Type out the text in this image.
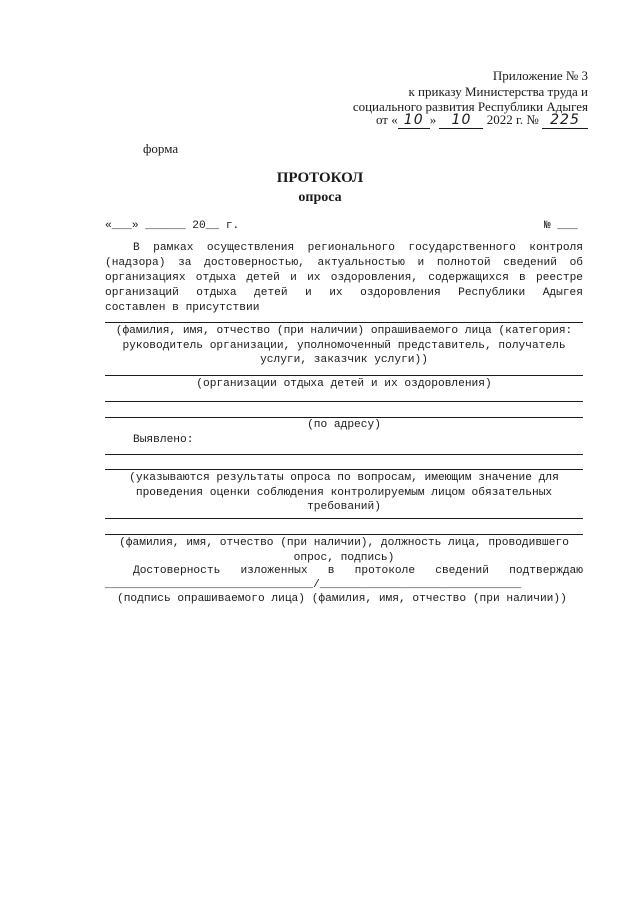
Приложение № 3
к приказу Министерства труда и
социального развития Республики Адыгея
от « 10 » 10 2022 г. № 225
форма
ПРОТОКОЛ
опроса
«___» ______ 20__ г.	№ ___

В рамках осуществления регионального государственного контроля

(надзора) за достоверностью, актуальностью и полнотой сведений об

организациях отдыха детей и их оздоровления, содержащихся в реестре

организаций отдыха детей и их оздоровления Республики Адыгея

составлен в присутствии

(фамилия, имя, отчество (при наличии) опрашиваемого лица (категория:
руководитель организации, уполномоченный представитель, получатель
услуги, заказчик услуги))
(организации отдыха детей и их оздоровления)
(по адресу)
Выявлено:
(указываются результаты опроса по вопросам, имеющим значение для
проведения оценки соблюдения контролируемым лицом обязательных
требований)
(фамилия, имя, отчество (при наличии), должность лица, проводившего
опрос, подпись)

Достоверность изложенных в протоколе сведений подтверждаю

_______________________________/______________________________
(подпись опрашиваемого лица) (фамилия, имя, отчество (при наличии))
